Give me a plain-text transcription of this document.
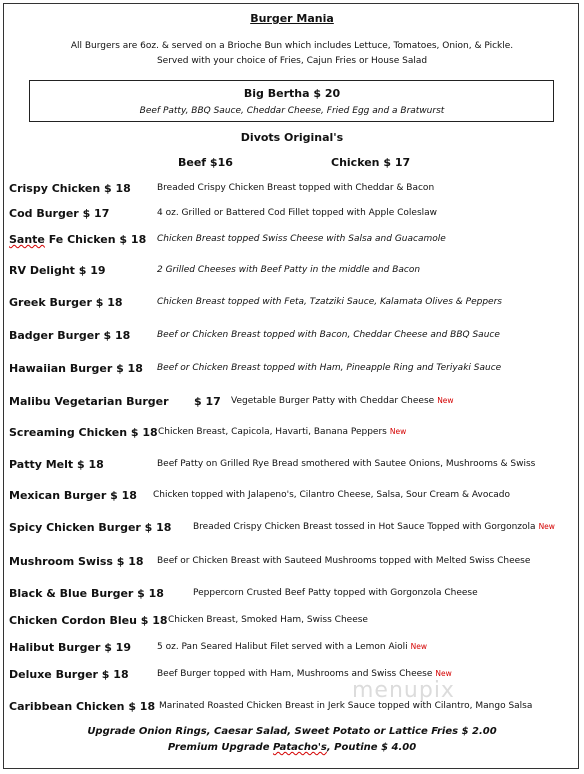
Burger Mania
All Burgers are 6oz. & served on a Brioche Bun which includes Lettuce, Tomatoes, Onion, & Pickle.
Served with your choice of Fries, Cajun Fries or House Salad
Big Bertha $ 20
Beef Patty, BBQ Sauce, Cheddar Cheese, Fried Egg and a Bratwurst
Divots Original's
Beef $16	Chicken $ 17
Crispy Chicken $ 18	Breaded Crispy Chicken Breast topped with Cheddar & Bacon
Cod Burger $ 17	4 oz. Grilled or Battered Cod Fillet topped with Apple Coleslaw
Sante Fe Chicken $ 18 Chicken Breast topped Swiss Cheese with Salsa and Guacamole
RV Delight $ 19	2 Grilled Cheeses with Beef Patty in the middle and Bacon
Greek Burger $ 18	Chicken Breast topped with Feta, Tzatziki Sauce, Kalamata Olives & Peppers
Badger Burger $ 18	Beef or Chicken Breast topped with Bacon, Cheddar Cheese and BBQ Sauce
Hawaiian Burger $ 18 Beef or Chicken Breast topped with Ham, Pineapple Ring and Teriyaki Sauce
Malibu Vegetarian Burger $ 17 Vegetable Burger Patty with Cheddar Cheese New
Screaming Chicken $ 18 Chicken Breast, Capicola, Havarti, Banana Peppers New
Patty Melt $ 18	Beef Patty on Grilled Rye Bread smothered with Sautee Onions, Mushrooms & Swiss
Mexican Burger $ 18 Chicken topped with Jalapeno's, Cilantro Cheese, Salsa, Sour Cream & Avocado
Spicy Chicken Burger $ 18 Breaded Crispy Chicken Breast tossed in Hot Sauce Topped with Gorgonzola New
Mushroom Swiss $ 18 Beef or Chicken Breast with Sauteed Mushrooms topped with Melted Swiss Cheese
Black & Blue Burger $ 18	Peppercorn Crusted Beef Patty topped with Gorgonzola Cheese
Chicken Cordon Bleu $ 18 Chicken Breast, Smoked Ham, Swiss Cheese
Halibut Burger $ 19	5 oz. Pan Seared Halibut Filet served with a Lemon Aioli New
Deluxe Burger $ 18	Beef Burger topped with Ham, Mushrooms and Swiss Cheese New
menupix
Caribbean Chicken $ 18 Marinated Roasted Chicken Breast in Jerk Sauce topped with Cilantro, Mango Salsa
Upgrade Onion Rings, Caesar Salad, Sweet Potato or Lattice Fries $ 2.00
Premium Upgrade Patacho's, Poutine $ 4.00
